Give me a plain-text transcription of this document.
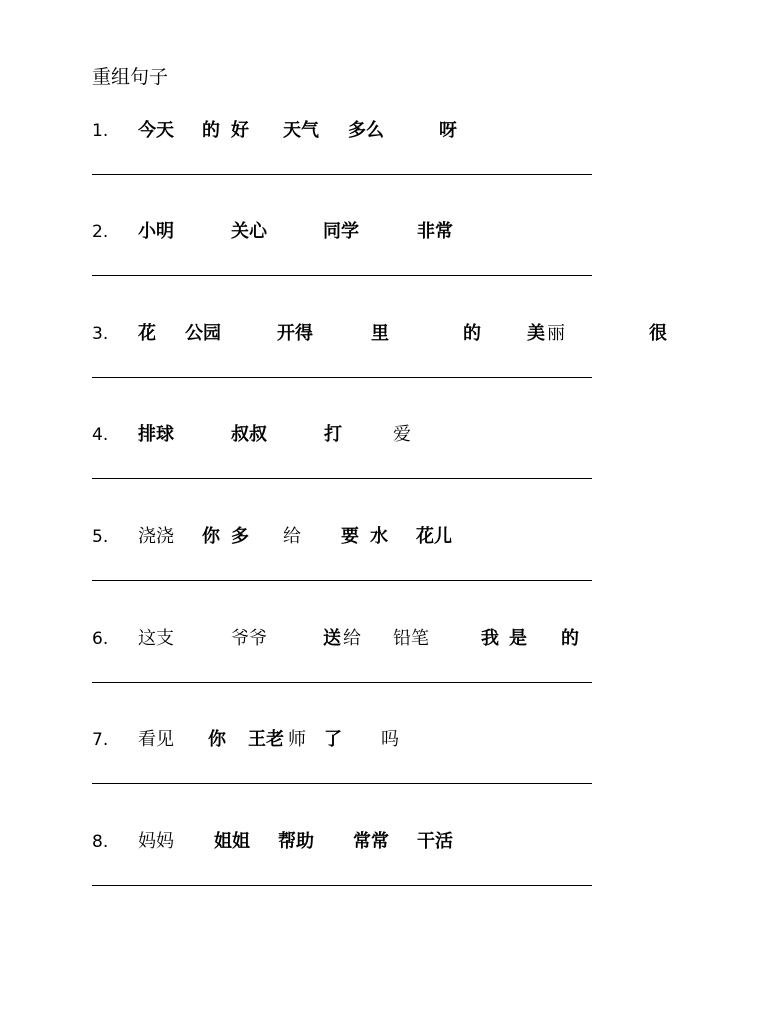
重组句子
1. 今天 的 好 天气 多么	呀
2. 小明	关心	同学	非常
3. 花 公园	开得	里	的	美 丽	很
4. 排球	叔叔	打	爱
5. 浇浇 你 多 给 要 水 花儿
6. 这支	爷爷	送 给 铅笔	我 是 的
7. 看见 你 王老 师 了 吗
8. 妈妈 姐姐 帮助 常常 干活
